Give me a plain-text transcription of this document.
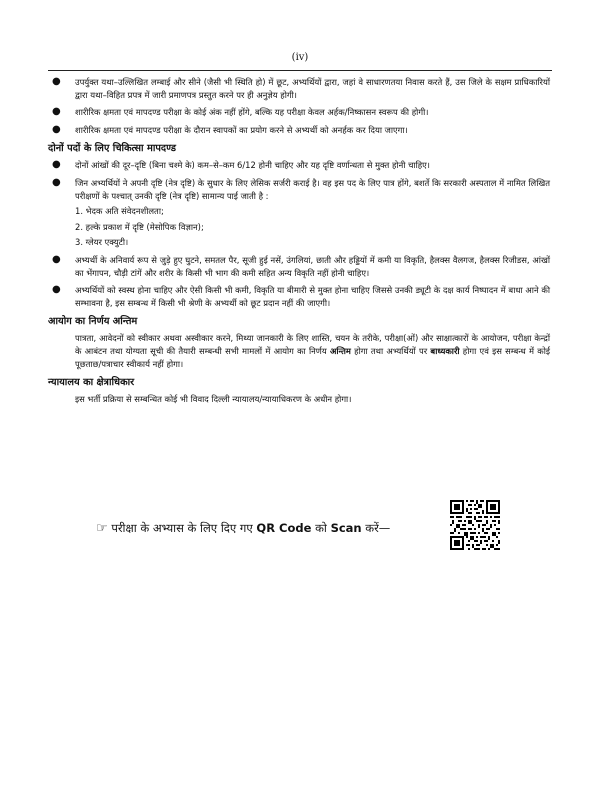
(iv)
● उपर्युक्त यथा–उल्लिखित लम्बाई और सीने (जैसी भी स्थिति हो) में छूट, अभ्यर्थियों द्वारा, जहां वे साधारणतया निवास करते हैं, उस जिले के सक्षम प्राधिकारियों द्वारा यथा–विहित प्रपत्र में जारी प्रमाणपत्र प्रस्तुत करने पर ही अनुज्ञेय होगी।
● शारीरिक क्षमता एवं मापदण्ड परीक्षा के कोई अंक नहीं होंगे, बल्कि यह परीक्षा केवल अर्हक/निष्कासन स्वरूप की होगी।
● शारीरिक क्षमता एवं मापदण्ड परीक्षा के दौरान स्वापकों का प्रयोग करने से अभ्यर्थी को अनर्हक कर दिया जाएगा।
दोनों पदों के लिए चिकित्सा मापदण्ड
● दोनों आंखों की दूर–दृष्टि (बिना चश्मे के) कम–से–कम 6/12 होनी चाहिए और यह दृष्टि वर्णान्धता से मुक्त होनी चाहिए।
● जिन अभ्यर्थियों ने अपनी दृष्टि (नेत्र दृष्टि) के सुधार के लिए लेसिक सर्जरी कराई है। वह इस पद के लिए पात्र होंगे, बशर्ते कि सरकारी अस्पताल में नामित लिखित परीक्षणों के पश्चात् उनकी दृष्टि (नेत्र दृष्टि) सामान्य पाई जाती है :
1. भेदक अति संवेदनशीलता;
2. हल्के प्रकाश में दृष्टि (मेसोपिक विज्ञान);
3. ग्लेयर एक्युटी।
● अभ्यर्थी के अनिवार्य रूप से जुड़े हुए घुटने, समतल पैर, सूजी हुई नसें, उंगलियां, छाती और हड्डियों में कमी या विकृति, हैलक्स वैलगज, हैलक्स रिजीडस, आंखों का भेंगापन, चौड़ी टांगें और शरीर के किसी भी भाग की कमी सहित अन्य विकृति नहीं होनी चाहिए।
● अभ्यर्थियों को स्वस्थ होना चाहिए और ऐसी किसी भी कमी, विकृति या बीमारी से मुक्त होना चाहिए जिससे उनकी ड्यूटी के दक्ष कार्य निष्पादन में बाधा आने की सम्भावना है, इस सम्बन्ध में किसी भी श्रेणी के अभ्यर्थी को छूट प्रदान नहीं की जाएगी।
आयोग का निर्णय अन्तिम

पात्रता, आवेदनों को स्वीकार अथवा अस्वीकार करने, मिथ्या जानकारी के लिए शास्ति, चयन के तरीके, परीक्षा(ओं) और साक्षात्कारों के आयोजन, परीक्षा केन्द्रों के आबंटन तथा योग्यता सूची की तैयारी सम्बन्धी सभी मामलों में आयोग का निर्णय अन्तिम होगा तथा अभ्यर्थियों पर बाध्यकारी होगा एवं इस सम्बन्ध में कोई पूछताछ/पत्राचार स्वीकार्य नहीं होगा।

न्यायालय का क्षेत्राधिकार

इस भर्ती प्रक्रिया से सम्बन्धित कोई भी विवाद दिल्ली न्यायालय/न्यायाधिकरण के अधीन होगा।

☞ परीक्षा के अभ्यास के लिए दिए गए QR Code को Scan करें—
